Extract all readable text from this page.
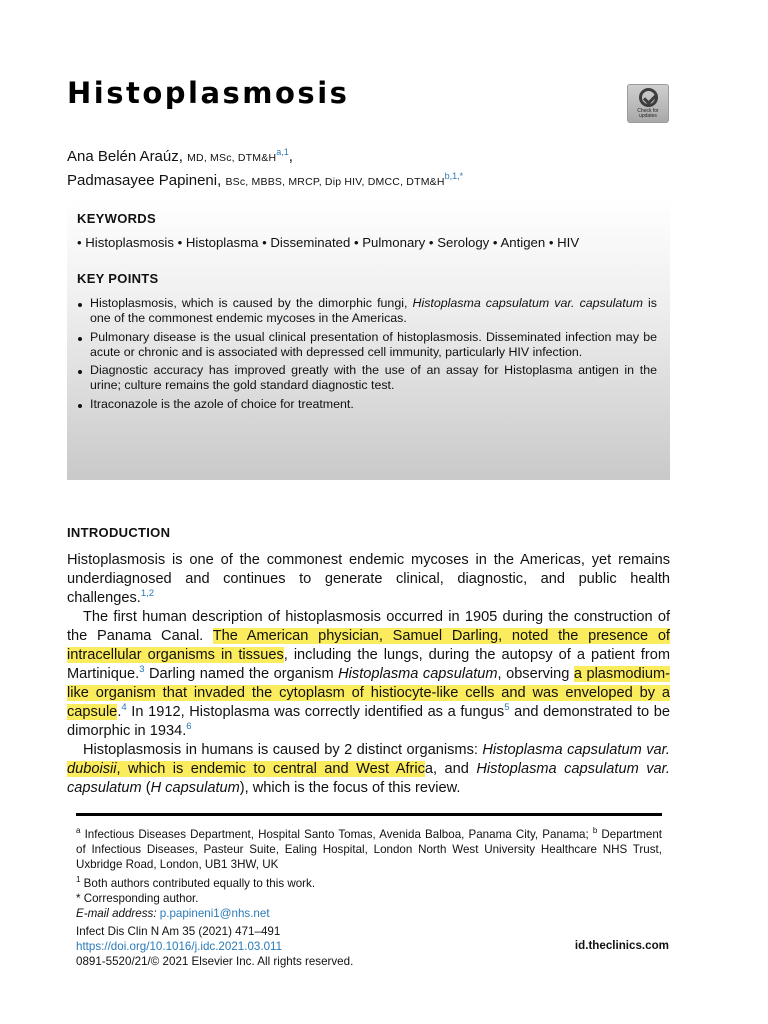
Histoplasmosis
Check for updates
Ana Belén Araúz, MD, MSc, $DTM\&H^{a,1}$,
Padmasayee Papineni, BSc, MBBS, MRCP, Dip HIV, DMCC, $DTM\&H^{b,1,*}$
KEYWORDS
• Histoplasmosis • Histoplasma • Disseminated • Pulmonary • Serology • Antigen • HIV
KEY POINTS
Histoplasmosis, which is caused by the dimorphic fungi, Histoplasma capsulatum var. capsulatum is one of the commonest endemic mycoses in the Americas.
Pulmonary disease is the usual clinical presentation of histoplasmosis. Disseminated infection may be acute or chronic and is associated with depressed cell immunity, particularly HIV infection.
Diagnostic accuracy has improved greatly with the use of an assay for Histoplasma antigen in the urine; culture remains the gold standard diagnostic test.
Itraconazole is the azole of choice for treatment.
INTRODUCTION

Histoplasmosis is one of the commonest endemic mycoses in the Americas, yet remains underdiagnosed and continues to generate clinical, diagnostic, and public health challenges.$^{1,2}$

The first human description of histoplasmosis occurred in 1905 during the construction of the Panama Canal. The American physician, Samuel Darling, noted the presence of intracellular organisms in tissues, including the lungs, during the autopsy of a patient from Martinique.$^3$ Darling named the organism Histoplasma capsulatum, observing a plasmodium-like organism that invaded the cytoplasm of histiocyte-like cells and was enveloped by a capsule.$^4$ In 1912, Histoplasma was correctly identified as a fungus$^5$ and demonstrated to be dimorphic in 1934.$^6$

Histoplasmosis in humans is caused by 2 distinct organisms: Histoplasma capsulatum var. duboisii, which is endemic to central and West Africa, and Histoplasma capsulatum var. capsulatum (H capsulatum), which is the focus of this review.

$^a$ Infectious Diseases Department, Hospital Santo Tomas, Avenida Balboa, Panama City, Panama; $^b$ Department of Infectious Diseases, Pasteur Suite, Ealing Hospital, London North West University Healthcare NHS Trust, Uxbridge Road, London, UB1 3HW, UK

$^1$ Both authors contributed equally to this work.

* Corresponding author.

E-mail address: p.papineni1@nhs.net

Infect Dis Clin N Am 35 (2021) 471–491

https://doi.org/10.1016/j.idc.2021.03.011

0891-5520/21/© 2021 Elsevier Inc. All rights reserved.

id.theclinics.com
